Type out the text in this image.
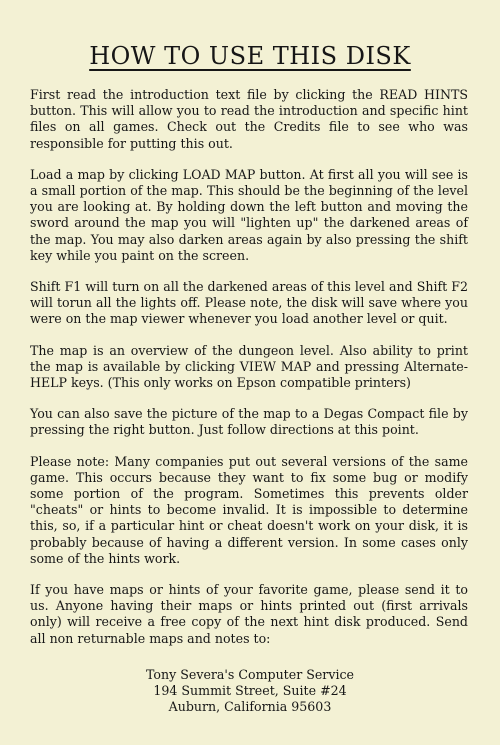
HOW TO USE THIS DISK

First read the introduction text file by clicking the READ HINTS button. This will allow you to read the introduction and specific hint files on all games. Check out the Credits file to see who was responsible for putting this out.

Load a map by clicking LOAD MAP button. At first all you will see is a small portion of the map. This should be the beginning of the level you are looking at. By holding down the left button and moving the sword around the map you will "lighten up" the darkened areas of the map. You may also darken areas again by also pressing the shift key while you paint on the screen.

Shift F1 will turn on all the darkened areas of this level and Shift F2 will torun all the lights off. Please note, the disk will save where you were on the map viewer whenever you load another level or quit.

The map is an overview of the dungeon level. Also ability to print the map is available by clicking VIEW MAP and pressing Alternate-HELP keys. (This only works on Epson compatible printers)

You can also save the picture of the map to a Degas Compact file by pressing the right button. Just follow directions at this point.

Please note: Many companies put out several versions of the same game. This occurs because they want to fix some bug or modify some portion of the program. Sometimes this prevents older "cheats" or hints to become invalid. It is impossible to determine this, so, if a particular hint or cheat doesn't work on your disk, it is probably because of having a different version. In some cases only some of the hints work.

If you have maps or hints of your favorite game, please send it to us. Anyone having their maps or hints printed out (first arrivals only) will receive a free copy of the next hint disk produced. Send all non returnable maps and notes to:

Tony Severa's Computer Service
194 Summit Street, Suite #24
Auburn, California 95603
